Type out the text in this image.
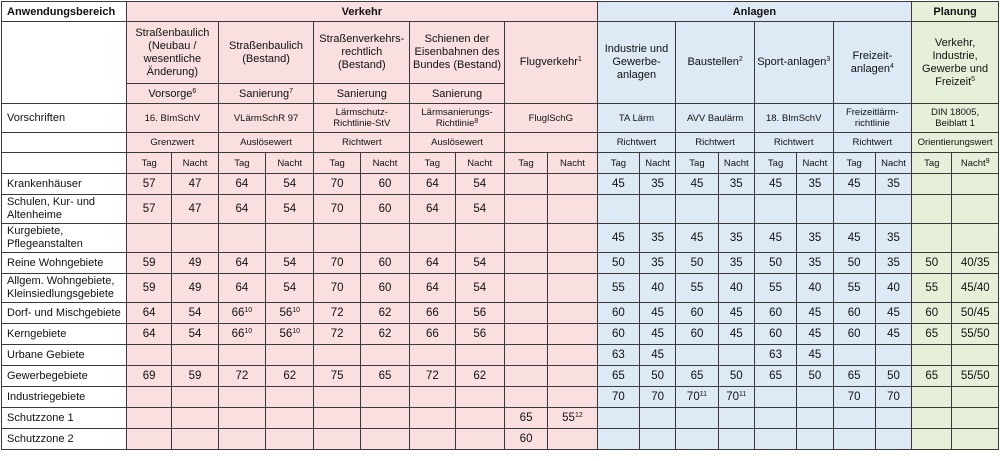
Anwendungsbereich	Verkehr										Anlagen								Planung	
	Straßenbaulich (Neubau / wesentliche Änderung)		Straßenbaulich (Bestand)		Straßenverkehrs-rechtlich (Bestand)		Schienen der Eisenbahnen des Bundes (Bestand)		Flugverkehr$^1$		Industrie und Gewerbe-anlagen		Baustellen$^2$		Sport-anlagen$^3$		Freizeit-anlagen$^4$		Verkehr, Industrie, Gewerbe und Freizeit$^5$
	Vorsorge$^6$		Sanierung$^7$		Sanierung		Sanierung													
Vorschriften	16. BImSchV		VLärmSchR 97		Lärmschutz-Richtlinie-StV		Lärmsanierungs-Richtlinie$^8$		FluglSchG		TA Lärm		AVV Baulärm		18. BImSchV		Freizeitlärm-richtlinie		DIN 18005, Beiblatt 1	
	Grenzwert		Auslösewert		Richtwert		Auslösewert				Richtwert		Richtwert		Richtwert		Richtwert		Orientierungswert	
	Tag	Nacht	Tag	Nacht	Tag	Nacht	Tag	Nacht	Tag	Nacht	Tag	Nacht	Tag	Nacht	Tag	Nacht	Tag	Nacht	Tag	Nacht$^9$
Krankenhäuser	57	47	64	54	70	60	64	54			45	35	45	35	45	35	45	35		
Schulen, Kur- und Altenheime	57	47	64	54	70	60	64	54												
Kurgebiete, Pflegeanstalten											45	35	45	35	45	35	45	35		
Reine Wohngebiete	59	49	64	54	70	60	64	54			50	35	50	35	50	35	50	35	50	40/35
Allgem. Wohngebiete, Kleinsiedlungsgebiete	59	49	64	54	70	60	64	54			55	40	55	40	55	40	55	40	55	45/40
Dorf- und Mischgebiete	64	54	$66^{10}$	$56^{10}$	72	62	66	56			60	45	60	45	60	45	60	45	60	50/45
Kerngebiete	64	54	$66^{10}$	$56^{10}$	72	62	66	56			60	45	60	45	60	45	60	45	65	55/50
Urbane Gebiete											63	45			63	45				
Gewerbegebiete	69	59	72	62	75	65	72	62			65	50	65	50	65	50	65	50	65	55/50
Industriegebiete											70	70	$70^{11}$	$70^{11}$			70	70		
Schutzzone 1									65	$55^{12}$										
Schutzzone 2									60											
